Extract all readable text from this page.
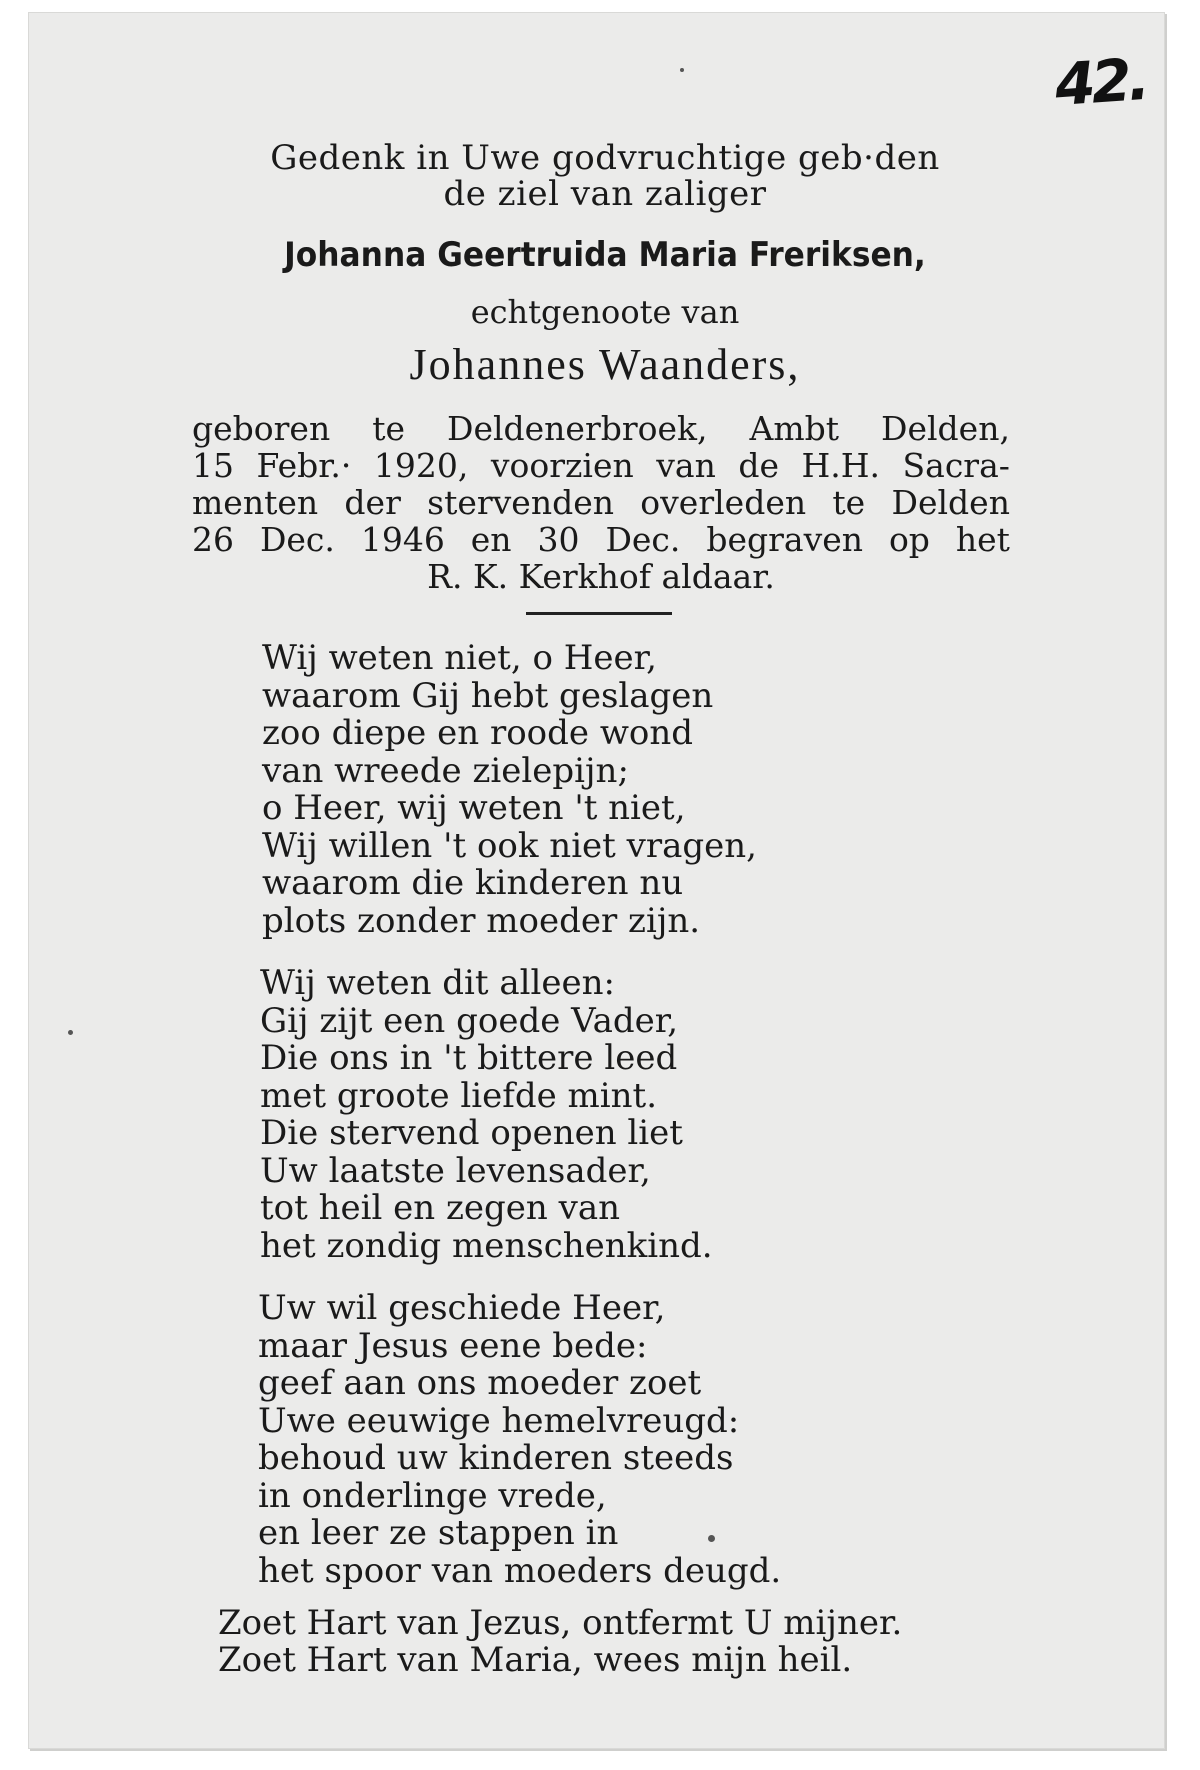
42.
Gedenk in Uwe godvruchtige geb·den
de ziel van zaliger
Johanna Geertruida Maria Freriksen,
echtgenoote van
Johannes Waanders,
geboren te Deldenerbroek, Ambt Delden,
15 Febr.· 1920, voorzien van de H.H. Sacra-
menten der stervenden overleden te Delden
26 Dec. 1946 en 30 Dec. begraven op het
R. K. Kerkhof aldaar.
Wij weten niet, o Heer,
waarom Gij hebt geslagen
zoo diepe en roode wond
van wreede zielepijn;
o Heer, wij weten 't niet,
Wij willen 't ook niet vragen,
waarom die kinderen nu
plots zonder moeder zijn.
Wij weten dit alleen:
Gij zijt een goede Vader,
Die ons in 't bittere leed
met groote liefde mint.
Die stervend openen liet
Uw laatste levensader,
tot heil en zegen van
het zondig menschenkind.
Uw wil geschiede Heer,
maar Jesus eene bede:
geef aan ons moeder zoet
Uwe eeuwige hemelvreugd:
behoud uw kinderen steeds
in onderlinge vrede,
en leer ze stappen in
het spoor van moeders deugd.
Zoet Hart van Jezus, ontfermt U mijner.
Zoet Hart van Maria, wees mijn heil.
